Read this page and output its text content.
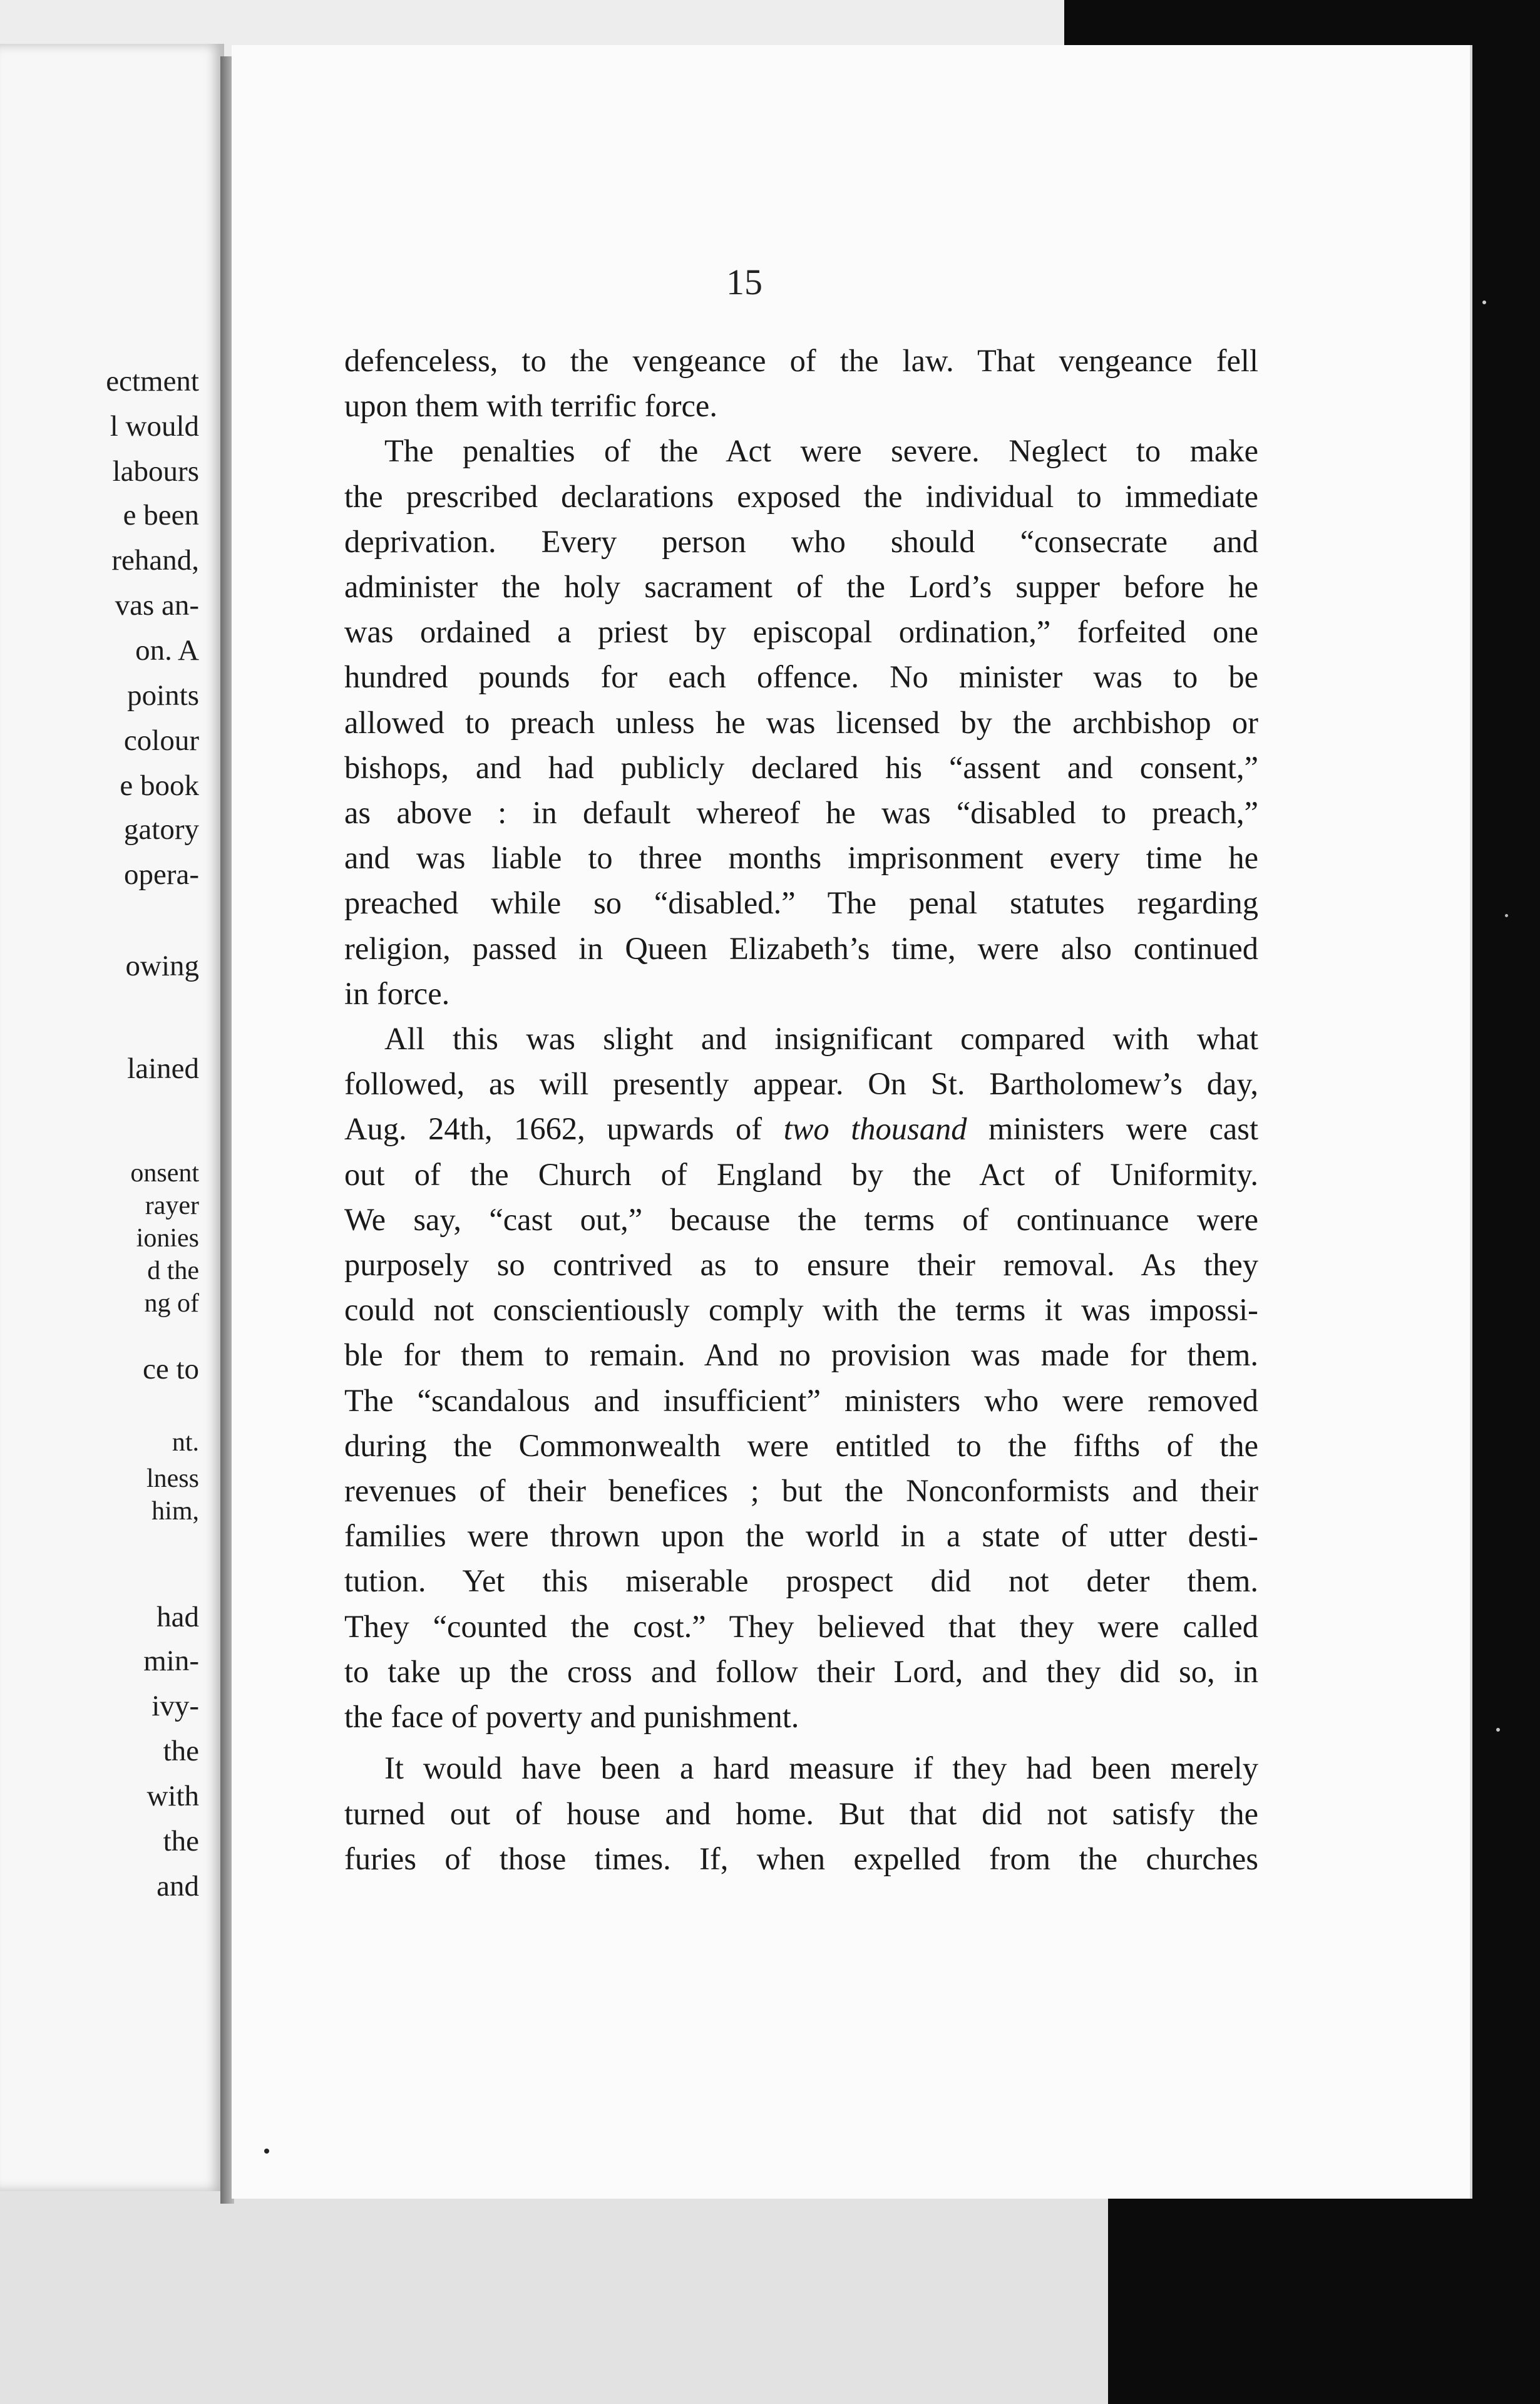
ectment
l would
labours
e been
rehand,
vas an-
on. A
points
colour
e book
gatory
opera-
owing
lained
onsent
rayer
ionies
d the
ng of
ce to
nt.
lness
him,
had
min-
ivy-
the
with
the
and
15
defenceless, to the vengeance of the law. That vengeance fell
upon them with terrific force.
The penalties of the Act were severe. Neglect to make
the prescribed declarations exposed the individual to immediate
deprivation. Every person who should “consecrate and
administer the holy sacrament of the Lord’s supper before he
was ordained a priest by episcopal ordination,” forfeited one
hundred pounds for each offence. No minister was to be
allowed to preach unless he was licensed by the archbishop or
bishops, and had publicly declared his “assent and consent,”
as above : in default whereof he was “disabled to preach,”
and was liable to three months imprisonment every time he
preached while so “disabled.” The penal statutes regarding
religion, passed in Queen Elizabeth’s time, were also continued
in force.
All this was slight and insignificant compared with what
followed, as will presently appear. On St. Bartholomew’s day,
Aug. 24th, 1662, upwards of two thousand ministers were cast
out of the Church of England by the Act of Uniformity.
We say, “cast out,” because the terms of continuance were
purposely so contrived as to ensure their removal. As they
could not conscientiously comply with the terms it was impossi-
ble for them to remain. And no provision was made for them.
The “scandalous and insufficient” ministers who were removed
during the Commonwealth were entitled to the fifths of the
revenues of their benefices ; but the Nonconformists and their
families were thrown upon the world in a state of utter desti-
tution. Yet this miserable prospect did not deter them.
They “counted the cost.” They believed that they were called
to take up the cross and follow their Lord, and they did so, in
the face of poverty and punishment.
It would have been a hard measure if they had been merely
turned out of house and home. But that did not satisfy the
furies of those times. If, when expelled from the churches
